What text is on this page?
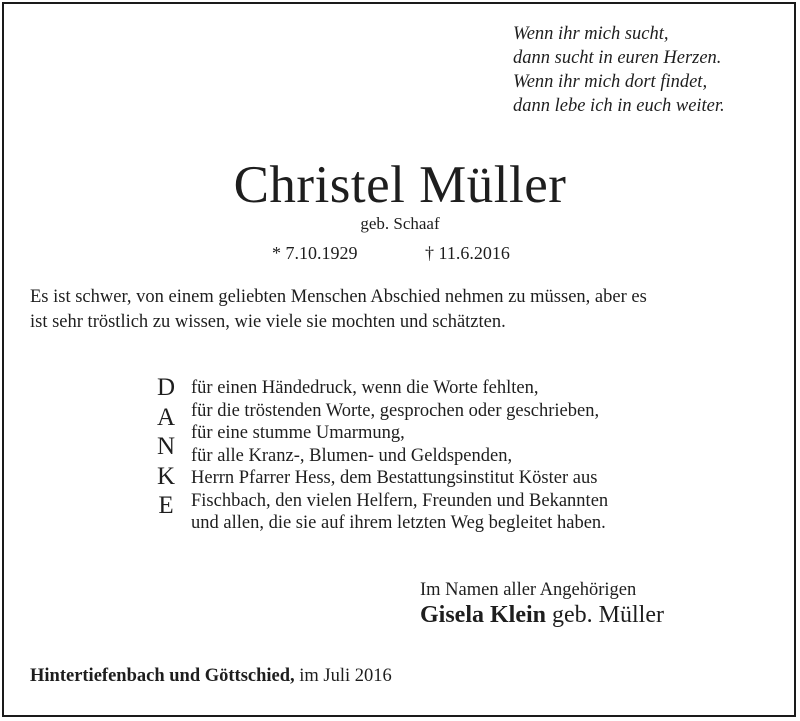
Wenn ihr mich sucht,
dann sucht in euren Herzen.
Wenn ihr mich dort findet,
dann lebe ich in euch weiter.
Christel Müller
geb. Schaaf
* 7.10.1929	† 11.6.2016
Es ist schwer, von einem geliebten Menschen Abschied nehmen zu müssen, aber es
ist sehr tröstlich zu wissen, wie viele sie mochten und schätzten.
D
A
N
K
E
für einen Händedruck, wenn die Worte fehlten,
für die tröstenden Worte, gesprochen oder geschrieben,
für eine stumme Umarmung,
für alle Kranz-, Blumen- und Geldspenden,
Herrn Pfarrer Hess, dem Bestattungsinstitut Köster aus
Fischbach, den vielen Helfern, Freunden und Bekannten
und allen, die sie auf ihrem letzten Weg begleitet haben.
Im Namen aller Angehörigen
Gisela Klein geb. Müller
Hintertiefenbach und Göttschied, im Juli 2016
